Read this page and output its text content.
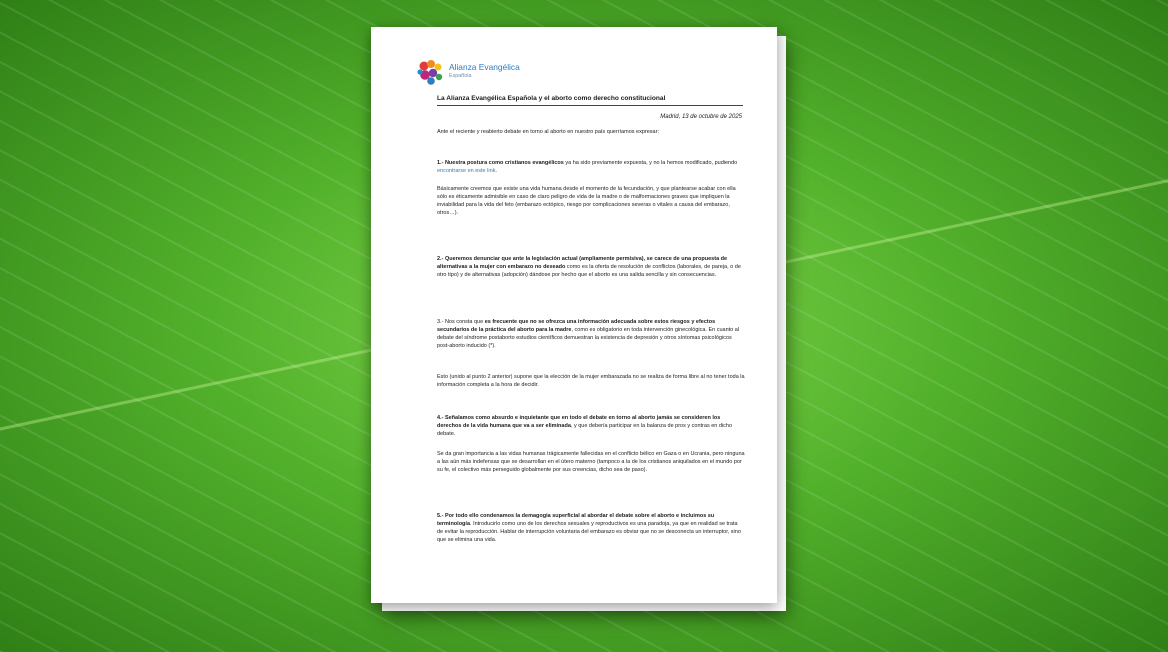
Alianza Evangélica
Española
La Alianza Evangélica Española y el aborto como derecho constitucional
Madrid, 13 de octubre de 2025

Ante el reciente y reabierto debate en torno al aborto en nuestro país querríamos expresar:

1.- Nuestra postura como cristianos evangélicos ya ha sido previamente expuesta, y no la hemos modificado, pudiendo encontrarse en este link.

Básicamente creemos que existe una vida humana desde el momento de la fecundación, y que plantearse acabar con ella sólo es éticamente admisible en caso de claro peligro de vida de la madre o de malformaciones graves que impliquen la inviabilidad para la vida del feto (embarazo ectópico, riesgo por complicaciones severas o vitales a causa del embarazo, otros…).

2.- Queremos denunciar que ante la legislación actual (ampliamente permisiva), se carece de una propuesta de alternativas a la mujer con embarazo no deseado como es la oferta de resolución de conflictos (laborales, de pareja, o de otro tipo) y de alternativas (adopción) dándose por hecho que el aborto es una salida sencilla y sin consecuencias.

3.- Nos consta que es frecuente que no se ofrezca una información adecuada sobre estos riesgos y efectos secundarios de la práctica del aborto para la madre, como es obligatorio en toda intervención ginecológica. En cuanto al debate del síndrome postaborto estudios científicos demuestran la existencia de depresión y otros síntomas psicológicos post-aborto inducido (*).

Esto (unido al punto 2 anterior) supone que la elección de la mujer embarazada no se realiza de forma libre al no tener toda la información completa a la hora de decidir.

4.- Señalamos como absurdo e inquietante que en todo el debate en torno al aborto jamás se consideren los derechos de la vida humana que va a ser eliminada, y que debería participar en la balanza de pros y contras en dicho debate.

Se da gran importancia a las vidas humanas trágicamente fallecidas en el conflicto bélico en Gaza o en Ucrania, pero ninguna a las aún más indefensas que se desarrollan en el útero materno (tampoco a la de los cristianos aniquilados en el mundo por su fe, el colectivo más perseguido globalmente por sus creencias, dicho sea de paso).

5.- Por todo ello condenamos la demagogia superficial al abordar el debate sobre el aborto e incluimos su terminología. Introducirlo como uno de los derechos sexuales y reproductivos es una paradoja, ya que en realidad se trata de evitar la reproducción. Hablar de interrupción voluntaria del embarazo es obviar que no se desconecta un interruptor, sino que se elimina una vida.
